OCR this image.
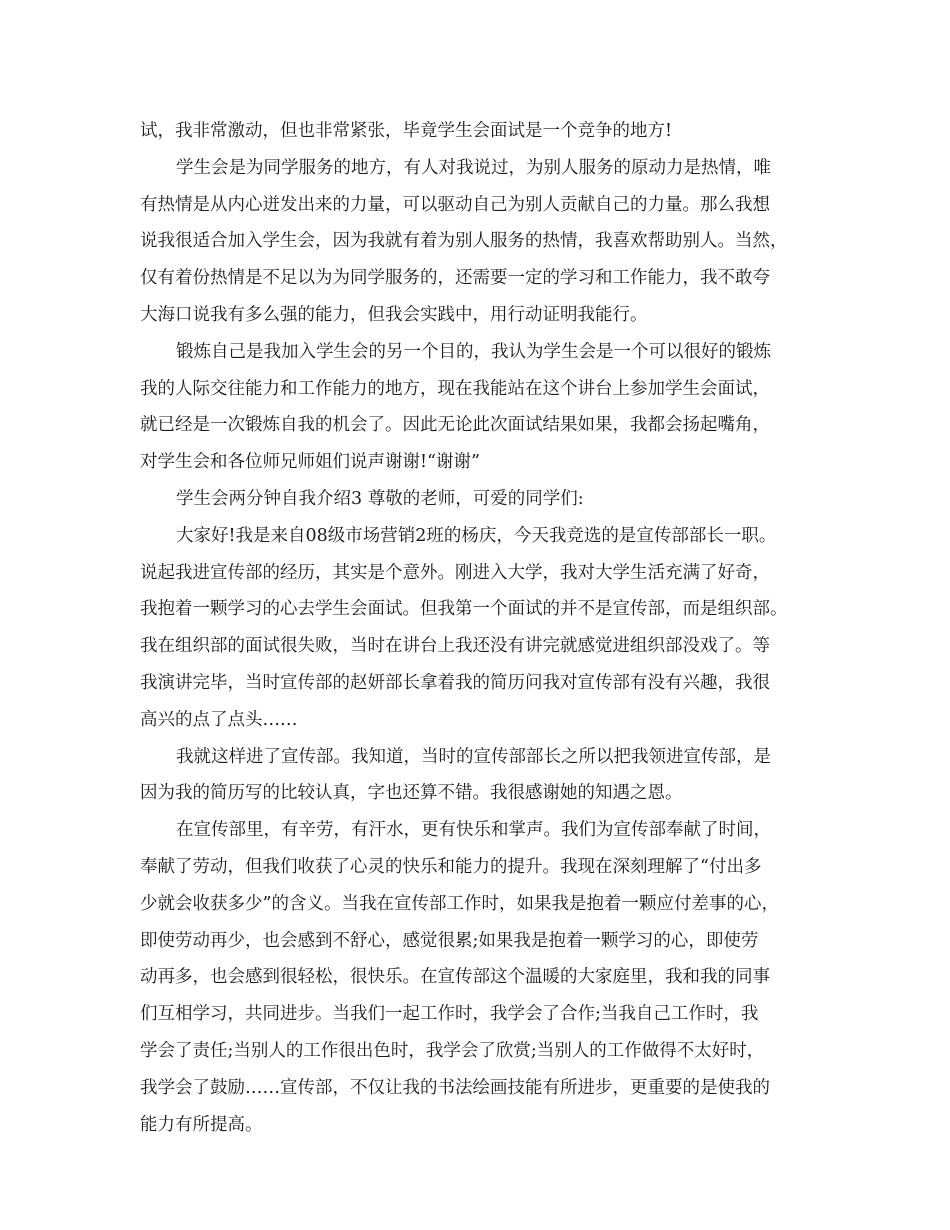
试，我非常激动，但也非常紧张，毕竟学生会面试是一个竞争的地方!
学生会是为同学服务的地方，有人对我说过，为别人服务的原动力是热情，唯
有热情是从内心迸发出来的力量，可以驱动自己为别人贡献自己的力量。那么我想
说我很适合加入学生会，因为我就有着为别人服务的热情，我喜欢帮助别人。当然，
仅有着份热情是不足以为为同学服务的，还需要一定的学习和工作能力，我不敢夸
大海口说我有多么强的能力，但我会实践中，用行动证明我能行。
锻炼自己是我加入学生会的另一个目的，我认为学生会是一个可以很好的锻炼
我的人际交往能力和工作能力的地方，现在我能站在这个讲台上参加学生会面试，
就已经是一次锻炼自我的机会了。因此无论此次面试结果如果，我都会扬起嘴角，
对学生会和各位师兄师姐们说声谢谢!“谢谢”
学生会两分钟自我介绍3 尊敬的老师，可爱的同学们:
大家好!我是来自08级市场营销2班的杨庆，今天我竞选的是宣传部部长一职。
说起我进宣传部的经历，其实是个意外。刚进入大学，我对大学生活充满了好奇，
我抱着一颗学习的心去学生会面试。但我第一个面试的并不是宣传部，而是组织部。
我在组织部的面试很失败，当时在讲台上我还没有讲完就感觉进组织部没戏了。等
我演讲完毕，当时宣传部的赵妍部长拿着我的简历问我对宣传部有没有兴趣，我很
高兴的点了点头……
我就这样进了宣传部。我知道，当时的宣传部部长之所以把我领进宣传部，是
因为我的简历写的比较认真，字也还算不错。我很感谢她的知遇之恩。
在宣传部里，有辛劳，有汗水，更有快乐和掌声。我们为宣传部奉献了时间，
奉献了劳动，但我们收获了心灵的快乐和能力的提升。我现在深刻理解了“付出多
少就会收获多少”的含义。当我在宣传部工作时，如果我是抱着一颗应付差事的心，
即使劳动再少，也会感到不舒心，感觉很累;如果我是抱着一颗学习的心，即使劳
动再多，也会感到很轻松，很快乐。在宣传部这个温暖的大家庭里，我和我的同事
们互相学习，共同进步。当我们一起工作时，我学会了合作;当我自己工作时，我
学会了责任;当别人的工作很出色时，我学会了欣赏;当别人的工作做得不太好时，
我学会了鼓励……宣传部，不仅让我的书法绘画技能有所进步，更重要的是使我的
能力有所提高。
